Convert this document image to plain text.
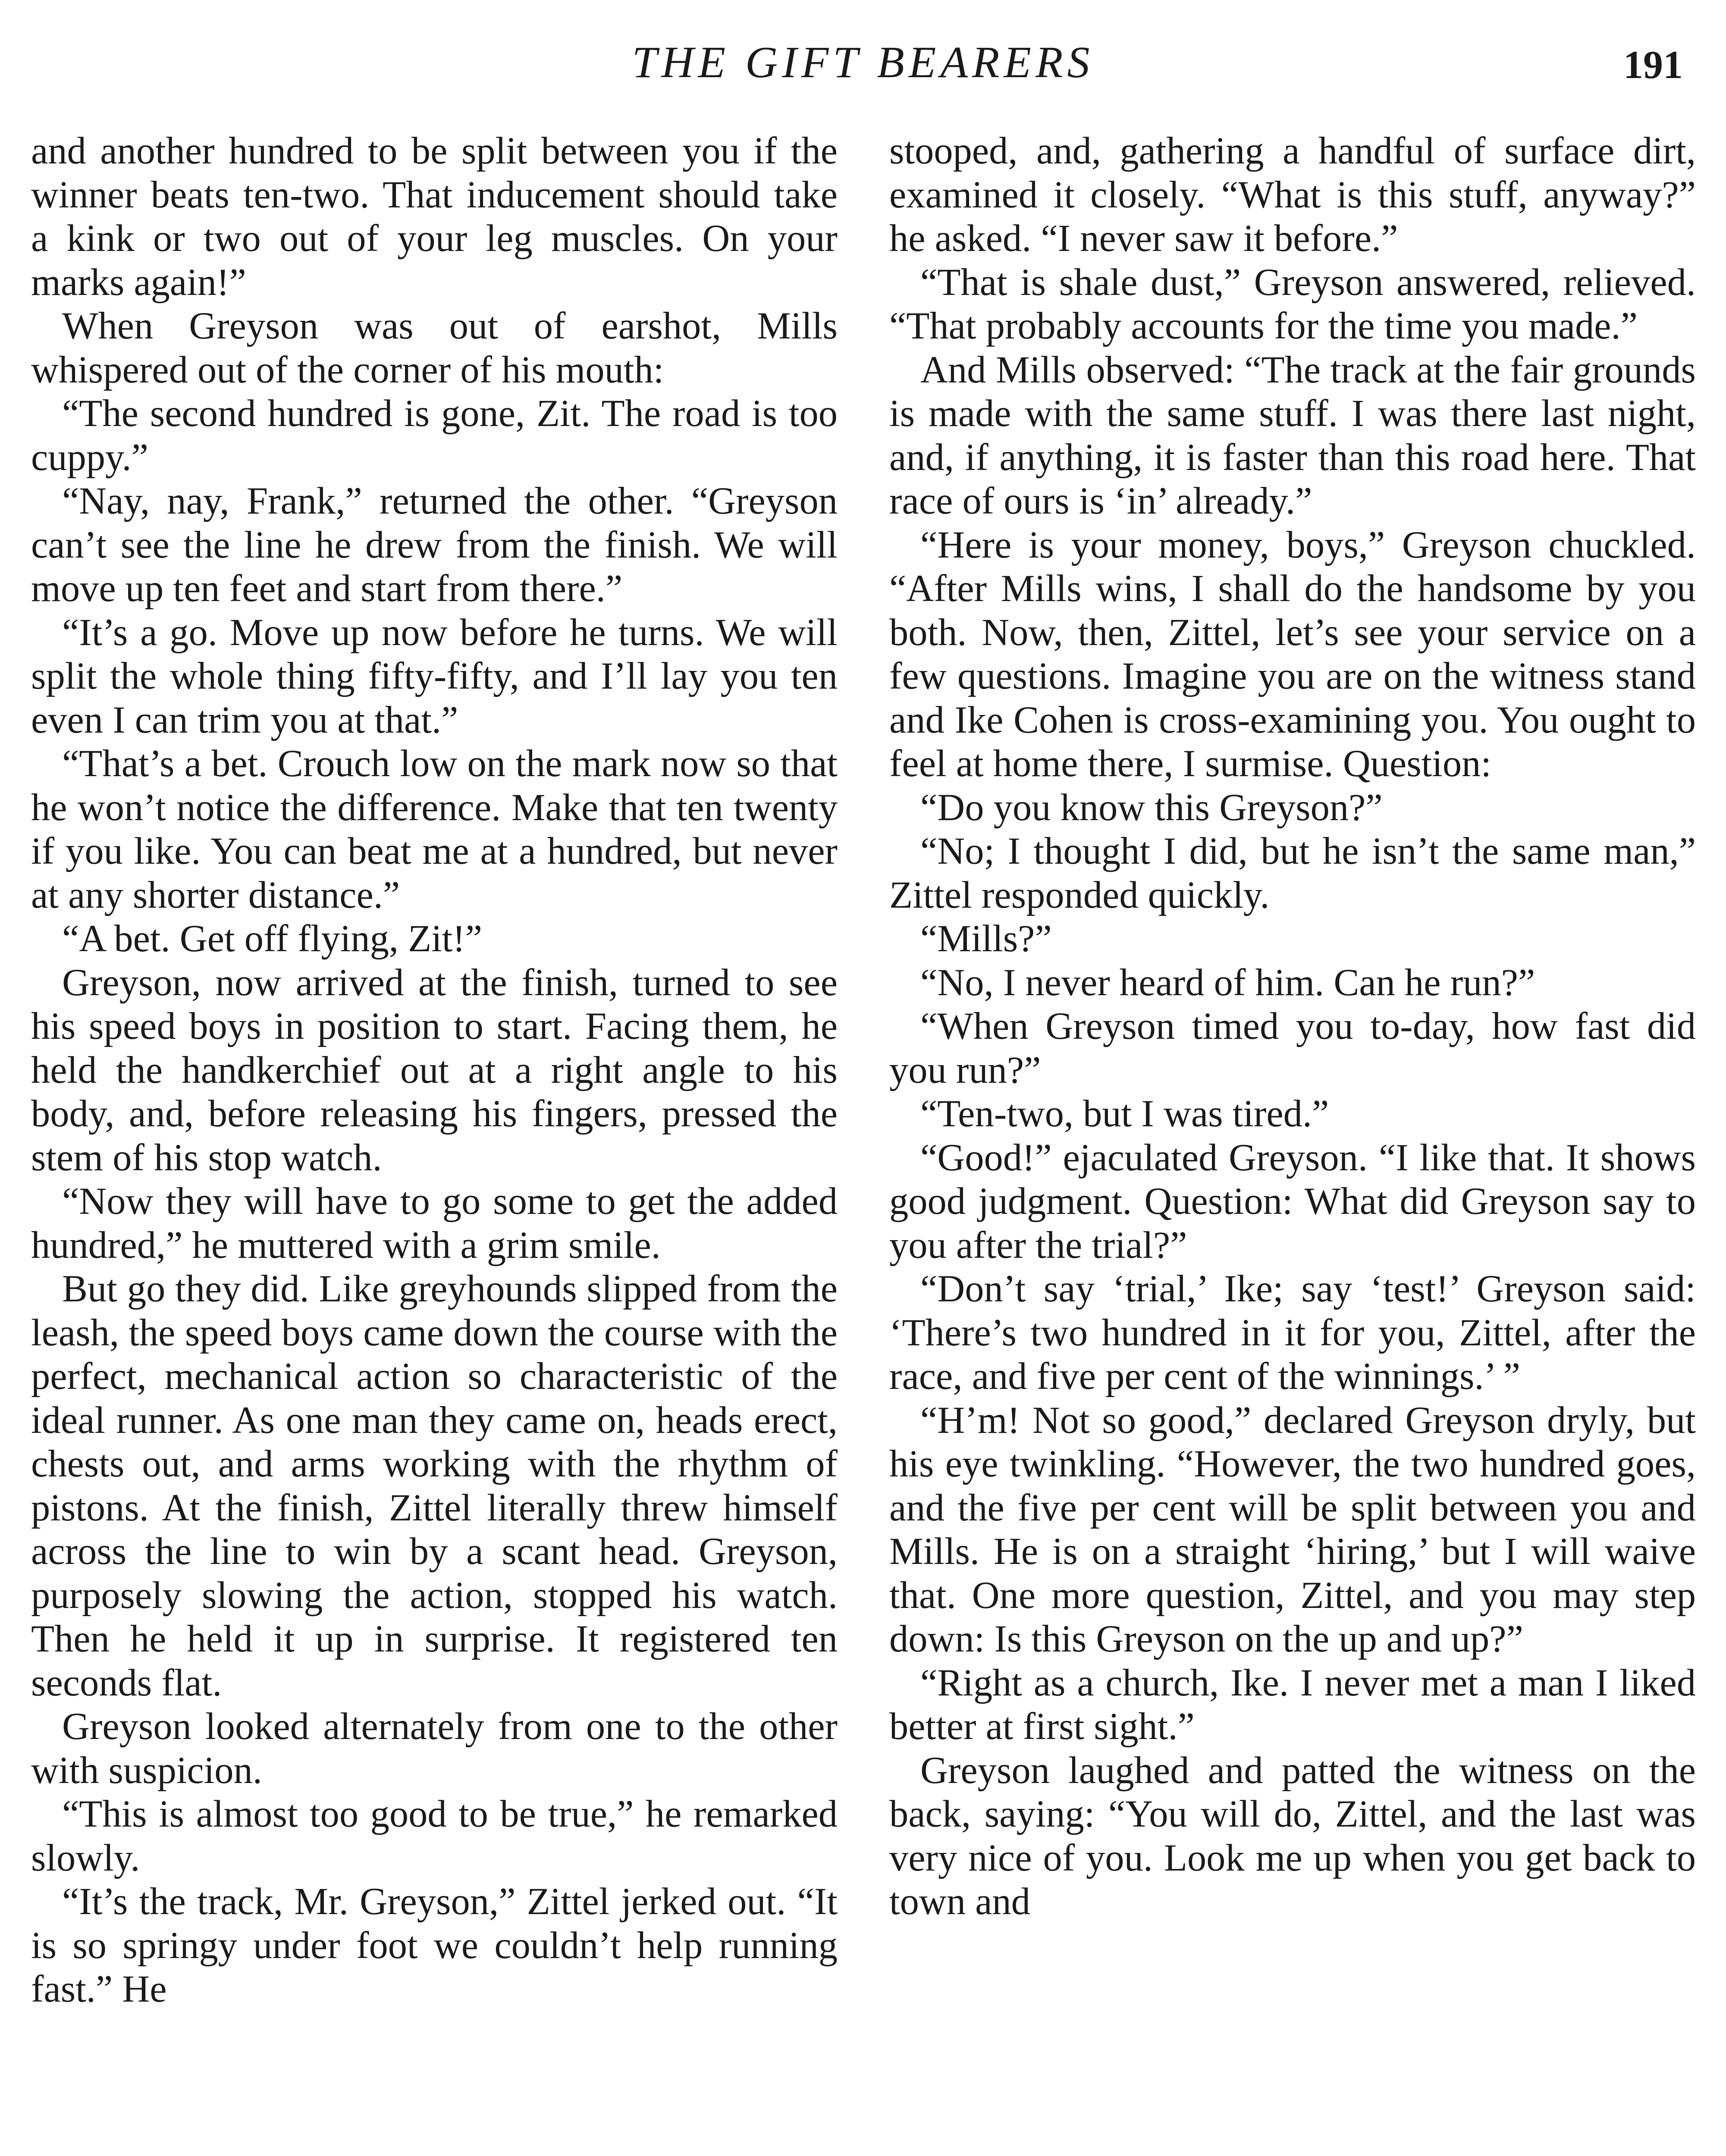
THE GIFT BEARERS	191

and another hundred to be split between you if the winner beats ten-two. That inducement should take a kink or two out of your leg muscles. On your marks again!”

When Greyson was out of earshot, Mills whispered out of the corner of his mouth:

“The second hundred is gone, Zit. The road is too cuppy.”

“Nay, nay, Frank,” returned the other. “Greyson can’t see the line he drew from the finish. We will move up ten feet and start from there.”

“It’s a go. Move up now before he turns. We will split the whole thing fifty-fifty, and I’ll lay you ten even I can trim you at that.”

“That’s a bet. Crouch low on the mark now so that he won’t notice the difference. Make that ten twenty if you like. You can beat me at a hundred, but never at any shorter distance.”

“A bet. Get off flying, Zit!”

Greyson, now arrived at the finish, turned to see his speed boys in position to start. Facing them, he held the handkerchief out at a right angle to his body, and, before releasing his fingers, pressed the stem of his stop watch.

“Now they will have to go some to get the added hundred,” he muttered with a grim smile.

But go they did. Like greyhounds slipped from the leash, the speed boys came down the course with the perfect, mechanical action so characteristic of the ideal runner. As one man they came on, heads erect, chests out, and arms working with the rhythm of pistons. At the finish, Zittel literally threw himself across the line to win by a scant head. Greyson, purposely slowing the action, stopped his watch. Then he held it up in surprise. It registered ten seconds flat.

Greyson looked alternately from one to the other with suspicion.

“This is almost too good to be true,” he remarked slowly.

“It’s the track, Mr. Greyson,” Zittel jerked out. “It is so springy under foot we couldn’t help running fast.” He

stooped, and, gathering a handful of surface dirt, examined it closely. “What is this stuff, anyway?” he asked. “I never saw it before.”

“That is shale dust,” Greyson answered, relieved. “That probably accounts for the time you made.”

And Mills observed: “The track at the fair grounds is made with the same stuff. I was there last night, and, if anything, it is faster than this road here. That race of ours is ‘in’ already.”

“Here is your money, boys,” Greyson chuckled. “After Mills wins, I shall do the handsome by you both. Now, then, Zittel, let’s see your service on a few questions. Imagine you are on the witness stand and Ike Cohen is cross-examining you. You ought to feel at home there, I surmise. Question:

“Do you know this Greyson?”

“No; I thought I did, but he isn’t the same man,” Zittel responded quickly.

“Mills?”

“No, I never heard of him. Can he run?”

“When Greyson timed you to-day, how fast did you run?”

“Ten-two, but I was tired.”

“Good!” ejaculated Greyson. “I like that. It shows good judgment. Question: What did Greyson say to you after the trial?”

“Don’t say ‘trial,’ Ike; say ‘test!’ Greyson said: ‘There’s two hundred in it for you, Zittel, after the race, and five per cent of the winnings.’ ”

“H’m! Not so good,” declared Greyson dryly, but his eye twinkling. “However, the two hundred goes, and the five per cent will be split between you and Mills. He is on a straight ‘hiring,’ but I will waive that. One more question, Zittel, and you may step down: Is this Greyson on the up and up?”

“Right as a church, Ike. I never met a man I liked better at first sight.”

Greyson laughed and patted the witness on the back, saying: “You will do, Zittel, and the last was very nice of you. Look me up when you get back to town and
